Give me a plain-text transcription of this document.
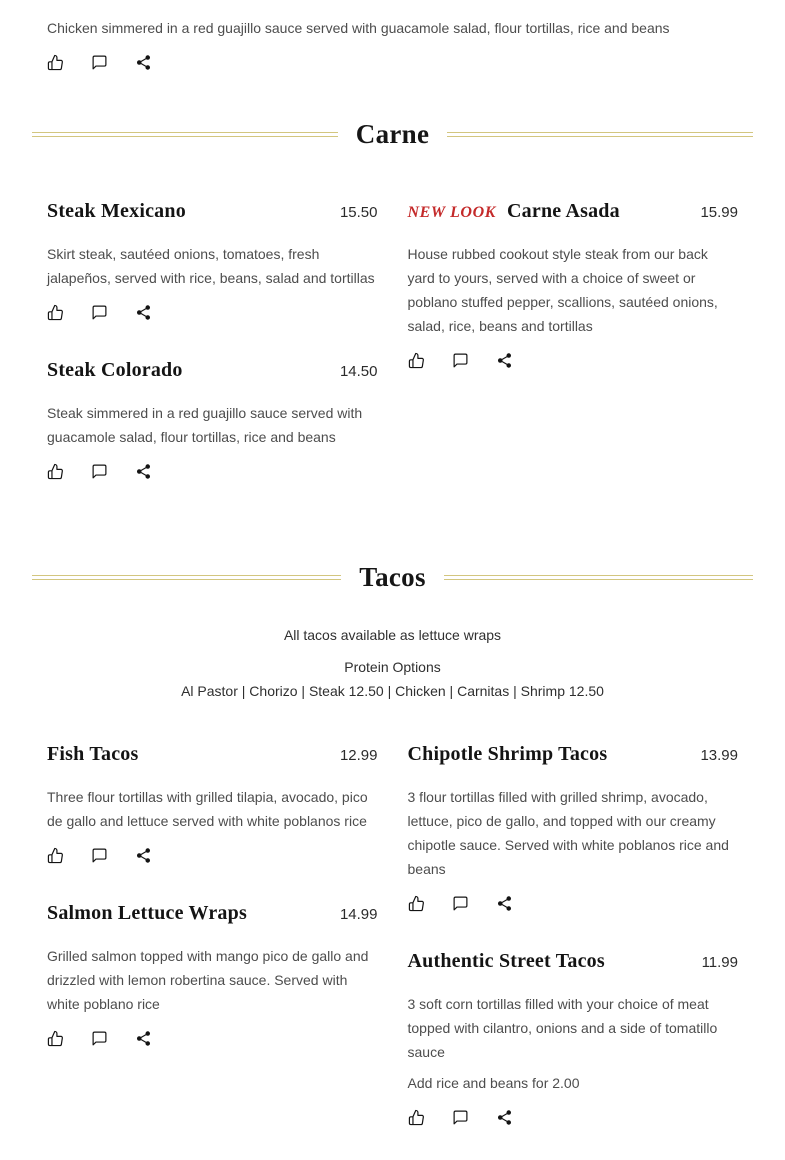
Chicken simmered in a red guajillo sauce served with guacamole salad, flour tortillas, rice and beans

Carne
Steak Mexicano	15.50

Skirt steak, sautéed onions, tomatoes, fresh jalapeños, served with rice, beans, salad and tortillas

Steak Colorado	14.50

Steak simmered in a red guajillo sauce served with guacamole salad, flour tortillas, rice and beans

NEW LOOK Carne Asada	15.99

House rubbed cookout style steak from our back yard to yours, served with a choice of sweet or poblano stuffed pepper, scallions, sautéed onions, salad, rice, beans and tortillas

Tacos

All tacos available as lettuce wraps

Protein Options
Al Pastor | Chorizo | Steak 12.50 | Chicken | Carnitas | Shrimp 12.50
Fish Tacos	12.99

Three flour tortillas with grilled tilapia, avocado, pico de gallo and lettuce served with white poblanos rice

Salmon Lettuce Wraps	14.99

Grilled salmon topped with mango pico de gallo and drizzled with lemon robertina sauce. Served with white poblano rice

Chipotle Shrimp Tacos	13.99

3 flour tortillas filled with grilled shrimp, avocado, lettuce, pico de gallo, and topped with our creamy chipotle sauce. Served with white poblanos rice and beans

Authentic Street Tacos	11.99

3 soft corn tortillas filled with your choice of meat topped with cilantro, onions and a side of tomatillo sauce

Add rice and beans for 2.00
